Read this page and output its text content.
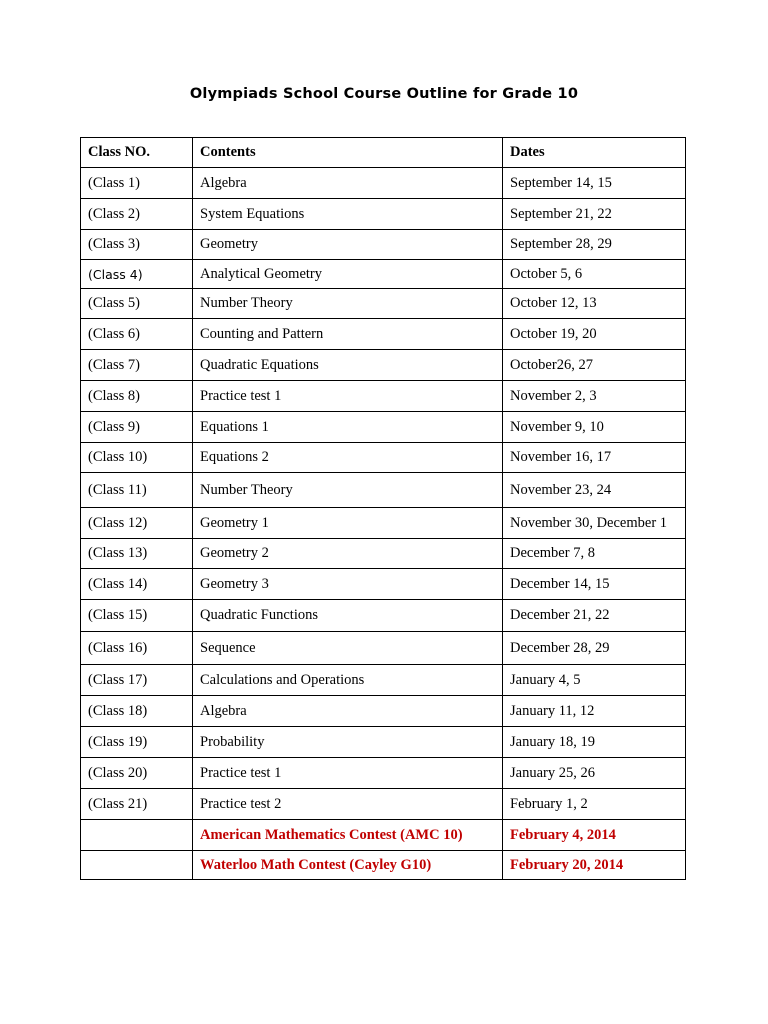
Olympiads School Course Outline for Grade 10
Class NO.	Contents	Dates
(Class 1)	Algebra	September 14, 15
(Class 2)	System Equations	September 21, 22
(Class 3)	Geometry	September 28, 29
(Class 4)	Analytical Geometry	October 5, 6
(Class 5)	Number Theory	October 12, 13
(Class 6)	Counting and Pattern	October 19, 20
(Class 7)	Quadratic Equations	October26, 27
(Class 8)	Practice test 1	November 2, 3
(Class 9)	Equations 1	November 9, 10
(Class 10)	Equations 2	November 16, 17
(Class 11)	Number Theory	November 23, 24
(Class 12)	Geometry 1	November 30, December 1
(Class 13)	Geometry 2	December 7, 8
(Class 14)	Geometry 3	December 14, 15
(Class 15)	Quadratic Functions	December 21, 22
(Class 16)	Sequence	December 28, 29
(Class 17)	Calculations and Operations	January 4, 5
(Class 18)	Algebra	January 11, 12
(Class 19)	Probability	January 18, 19
(Class 20)	Practice test 1	January 25, 26
(Class 21)	Practice test 2	February 1, 2
	American Mathematics Contest (AMC 10)	February 4, 2014
	Waterloo Math Contest (Cayley G10)	February 20, 2014
